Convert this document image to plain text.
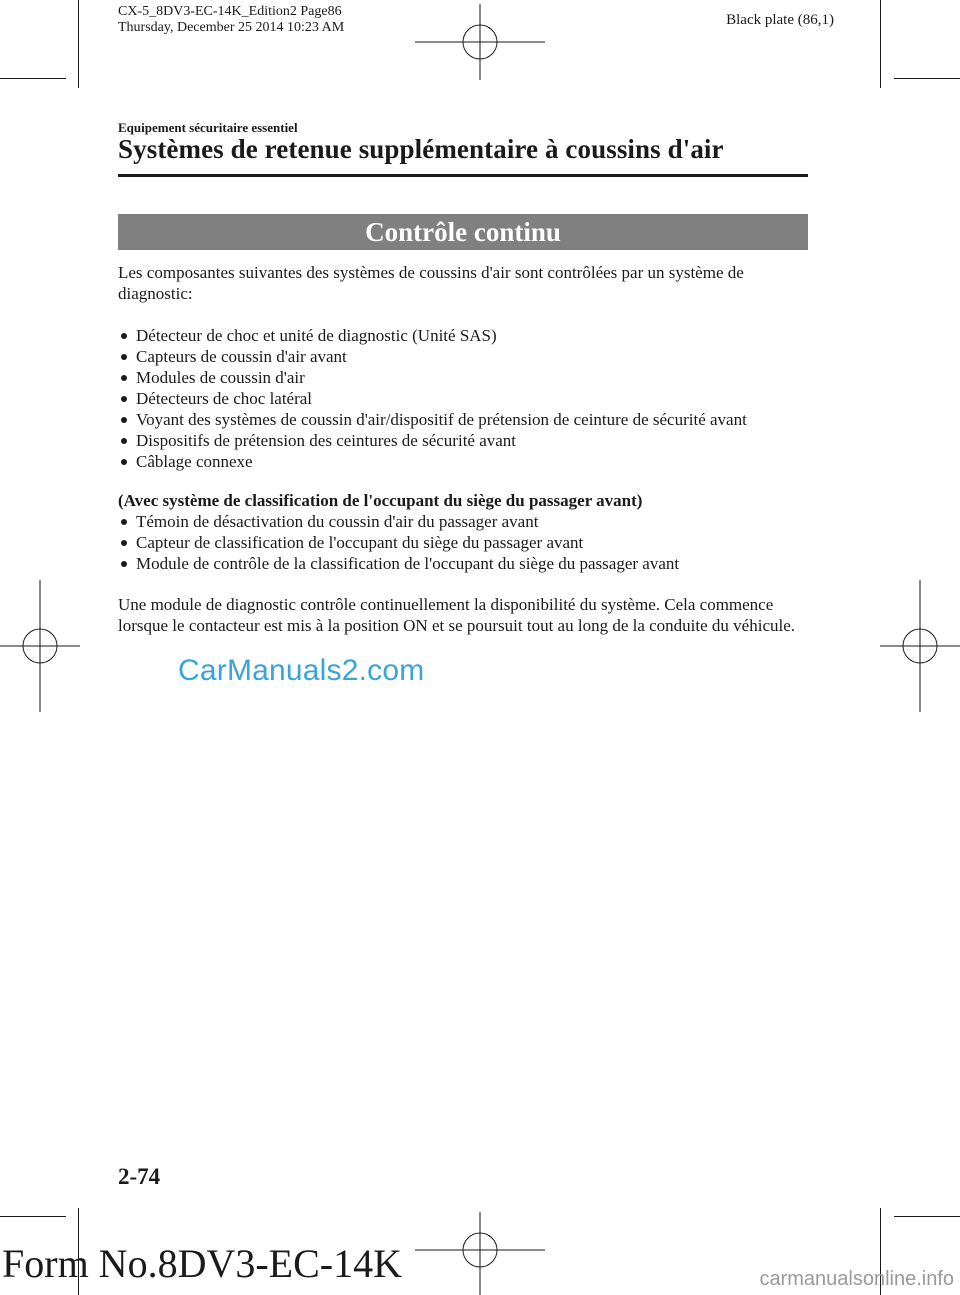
CX-5_8DV3-EC-14K_Edition2 Page86
Thursday, December 25 2014 10:23 AM	Black plate (86,1)
Equipement sécuritaire essentiel
Systèmes de retenue supplémentaire à coussins d'air
Contrôle continu
Les composantes suivantes des systèmes de coussins d'air sont contrôlées par un système de diagnostic:
Détecteur de choc et unité de diagnostic (Unité SAS)
Capteurs de coussin d'air avant
Modules de coussin d'air
Détecteurs de choc latéral
Voyant des systèmes de coussin d'air/dispositif de prétension de ceinture de sécurité avant
Dispositifs de prétension des ceintures de sécurité avant
Câblage connexe
(Avec système de classification de l'occupant du siège du passager avant)
Témoin de désactivation du coussin d'air du passager avant
Capteur de classification de l'occupant du siège du passager avant
Module de contrôle de la classification de l'occupant du siège du passager avant
Une module de diagnostic contrôle continuellement la disponibilité du système. Cela commence lorsque le contacteur est mis à la position ON et se poursuit tout au long de la conduite du véhicule.
CarManuals2.com
2-74
Form No.8DV3-EC-14K	carmanualsonline.info
